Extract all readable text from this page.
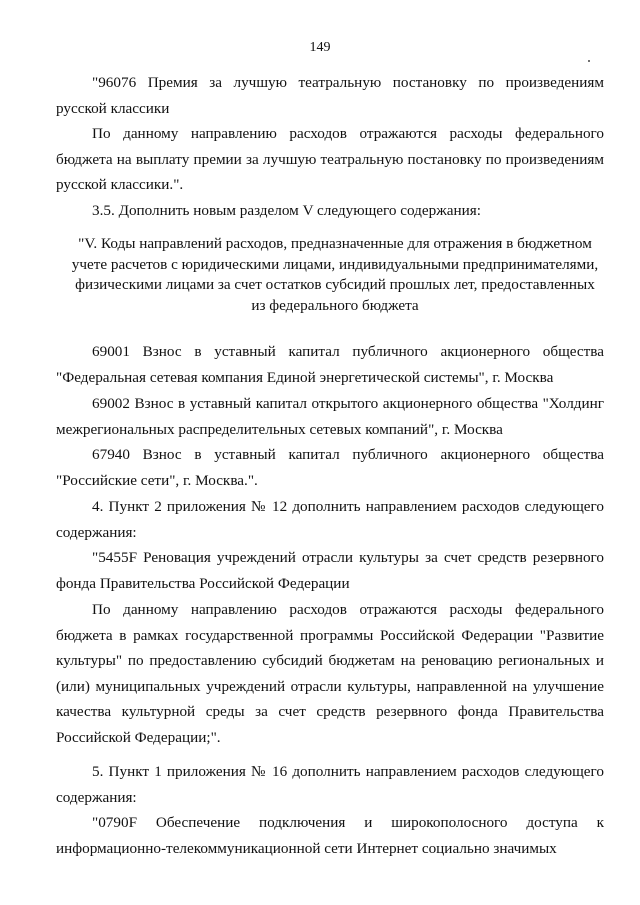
149

"96076 Премия за лучшую театральную постановку по произведениям русской классики

По данному направлению расходов отражаются расходы федерального бюджета на выплату премии за лучшую театральную постановку по произведениям русской классики.".

3.5. Дополнить новым разделом V следующего содержания:

"V. Коды направлений расходов, предназначенные для отражения в бюджетном учете расчетов с юридическими лицами, индивидуальными предпринимателями, физическими лицами за счет остатков субсидий прошлых лет, предоставленных из федерального бюджета

69001 Взнос в уставный капитал публичного акционерного общества "Федеральная сетевая компания Единой энергетической системы", г. Москва

69002 Взнос в уставный капитал открытого акционерного общества "Холдинг межрегиональных распределительных сетевых компаний", г. Москва

67940 Взнос в уставный капитал публичного акционерного общества "Российские сети", г. Москва.".

4. Пункт 2 приложения № 12 дополнить направлением расходов следующего содержания:

"5455F Реновация учреждений отрасли культуры за счет средств резервного фонда Правительства Российской Федерации

По данному направлению расходов отражаются расходы федерального бюджета в рамках государственной программы Российской Федерации "Развитие культуры" по предоставлению субсидий бюджетам на реновацию региональных и (или) муниципальных учреждений отрасли культуры, направленной на улучшение качества культурной среды за счет средств резервного фонда Правительства Российской Федерации;".

5. Пункт 1 приложения № 16 дополнить направлением расходов следующего содержания:

"0790F Обеспечение подключения и широкополосного доступа к информационно-телекоммуникационной сети Интернет социально значимых
